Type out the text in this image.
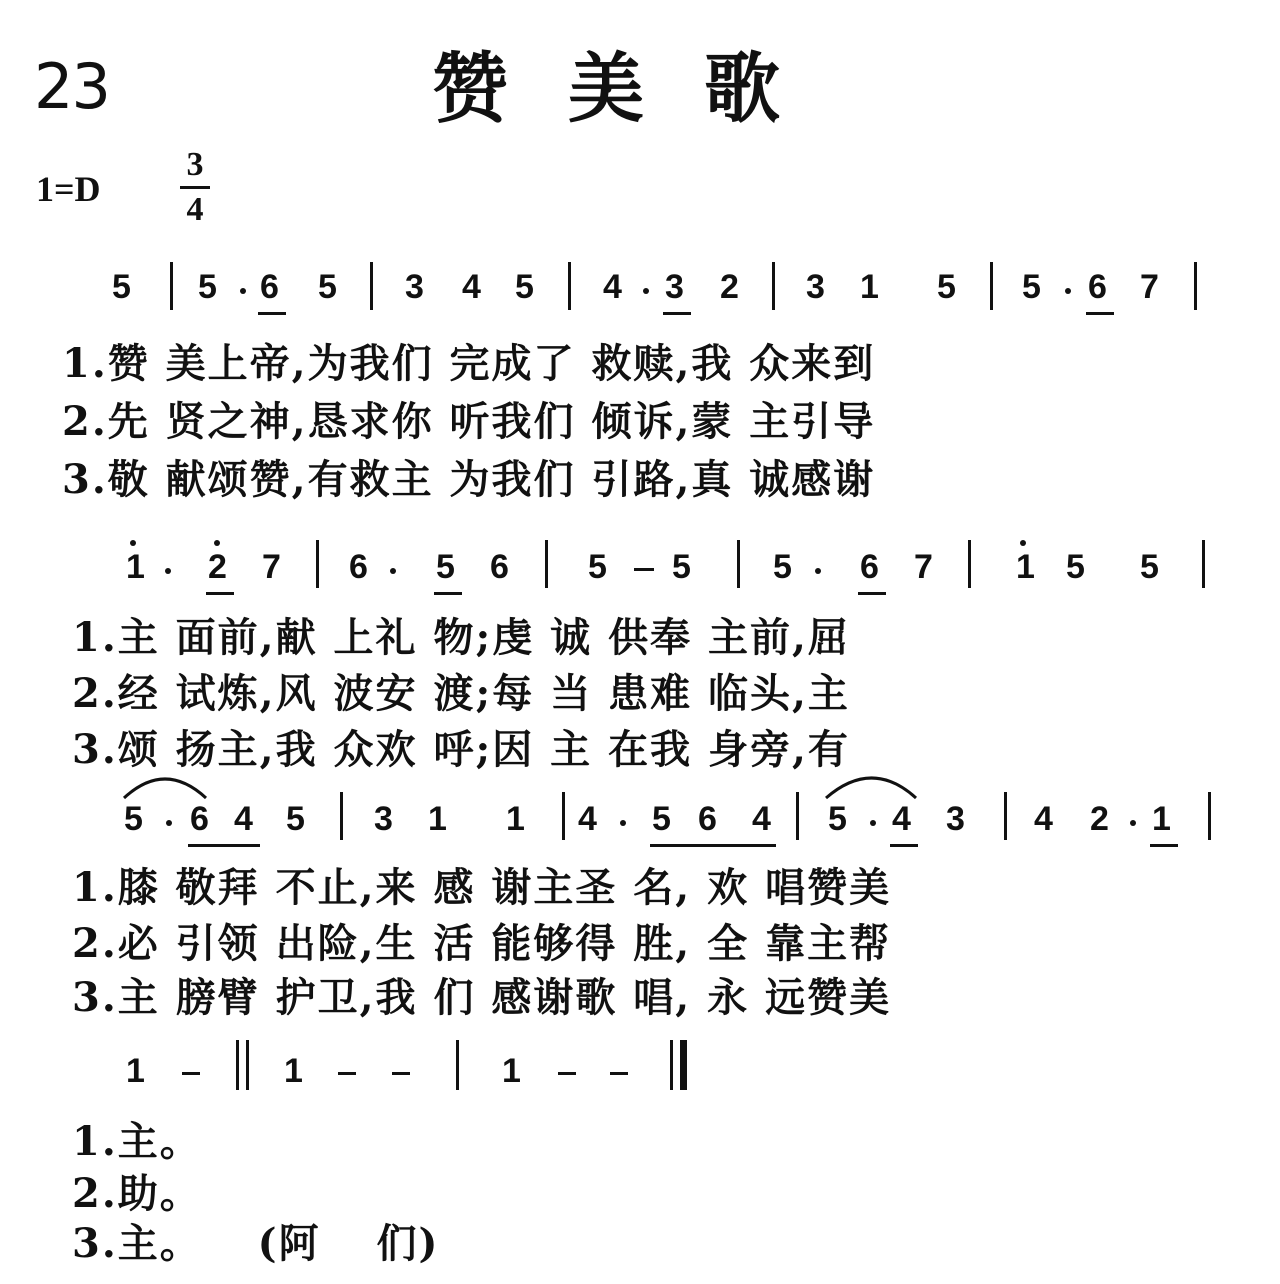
23	赞美歌
1=D
3
4
5 5 6 5 3 4 5 4 3 2 3 1 5 5 6 7
1.赞 美上帝,为我们 完成了 救赎,我 众来到
2.先 贤之神,恳求你 听我们 倾诉,蒙 主引导
3.敬 献颂赞,有救主 为我们 引路,真 诚感谢
1 2 7 6 5 6 5 5 5 6 7 1 5 5
1.主 面前,献 上礼 物;虔 诚 供奉 主前,屈
2.经 试炼,风 波安 渡;每 当 患难 临头,主
3.颂 扬主,我 众欢 呼;因 主 在我 身旁,有
5 6 4 5 3 1 1 4 5 6 4 5 4 3 4 2 1
1.膝 敬拜 不止,来 感 谢主圣 名, 欢 唱赞美
2.必 引领 出险,生 活 能够得 胜, 全 靠主帮
3.主 膀臂 护卫,我 们 感谢歌 唱, 永 远赞美
1	1	1
1.主。
2.助。
3.主。 (阿 们)
